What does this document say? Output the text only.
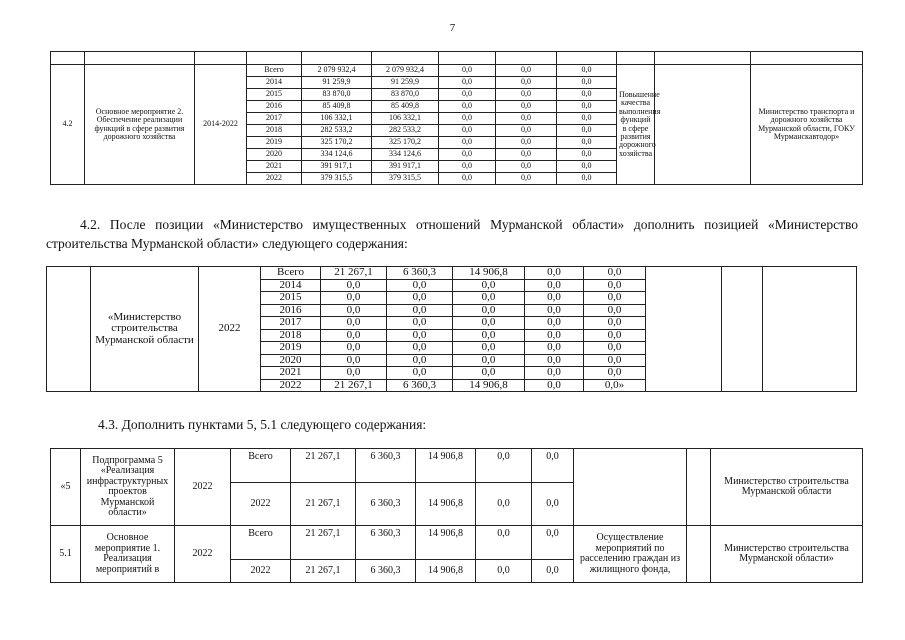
7

4.2	Основное мероприятие 2. Обеспечение реализации функций в сфере развития дорожного хозяйства	2014-2022	Всего	2 079 932,4	2 079 932,4	0,0	0,0	0,0	Повышение качества выполнения функций в сфере развития дорожного хозяйства		Министерство транспорта и дорожного хозяйства Мурманской области, ГОКУ Мурманскавтодор»
			2014	91 259,9	91 259,9	0,0	0,0	0,0			
			2015	83 870,0	83 870,0	0,0	0,0	0,0			
			2016	85 409,8	85 409,8	0,0	0,0	0,0			
			2017	106 332,1	106 332,1	0,0	0,0	0,0			
			2018	282 533,2	282 533,2	0,0	0,0	0,0			
			2019	325 170,2	325 170,2	0,0	0,0	0,0			
			2020	334 124,6	334 124,6	0,0	0,0	0,0			
			2021	391 917,1	391 917,1	0,0	0,0	0,0			
			2022	379 315,5	379 315,5	0,0	0,0	0,0			
4.2. После позиции «Министерство имущественных отношений Мурманской области» дополнить позицией «Министерство строительства Мурманской области» следующего содержания:
	«Министерство строительства Мурманской области	2022	Всего	21 267,1	6 360,3	14 906,8	0,0	0,0			
			2014	0,0	0,0	0,0	0,0	0,0			
			2015	0,0	0,0	0,0	0,0	0,0			
			2016	0,0	0,0	0,0	0,0	0,0			
			2017	0,0	0,0	0,0	0,0	0,0			
			2018	0,0	0,0	0,0	0,0	0,0			
			2019	0,0	0,0	0,0	0,0	0,0			
			2020	0,0	0,0	0,0	0,0	0,0			
			2021	0,0	0,0	0,0	0,0	0,0			
			2022	21 267,1	6 360,3	14 906,8	0,0	0,0»			
4.3. Дополнить пунктами 5, 5.1 следующего содержания:
«5	Подпрограмма 5 «Реализация инфраструктурных проектов Мурманской области»	2022	Всего	21 267,1	6 360,3	14 906,8	0,0	0,0			Министерство строительства Мурманской области
			2022	21 267,1	6 360,3	14 906,8	0,0	0,0			
5.1	Основное мероприятие 1. Реализация мероприятий в	2022	Всего	21 267,1	6 360,3	14 906,8	0,0	0,0	Осуществление мероприятий по расселению граждан из жилищного фонда,		Министерство строительства Мурманской области»
			2022	21 267,1	6 360,3	14 906,8	0,0	0,0			
